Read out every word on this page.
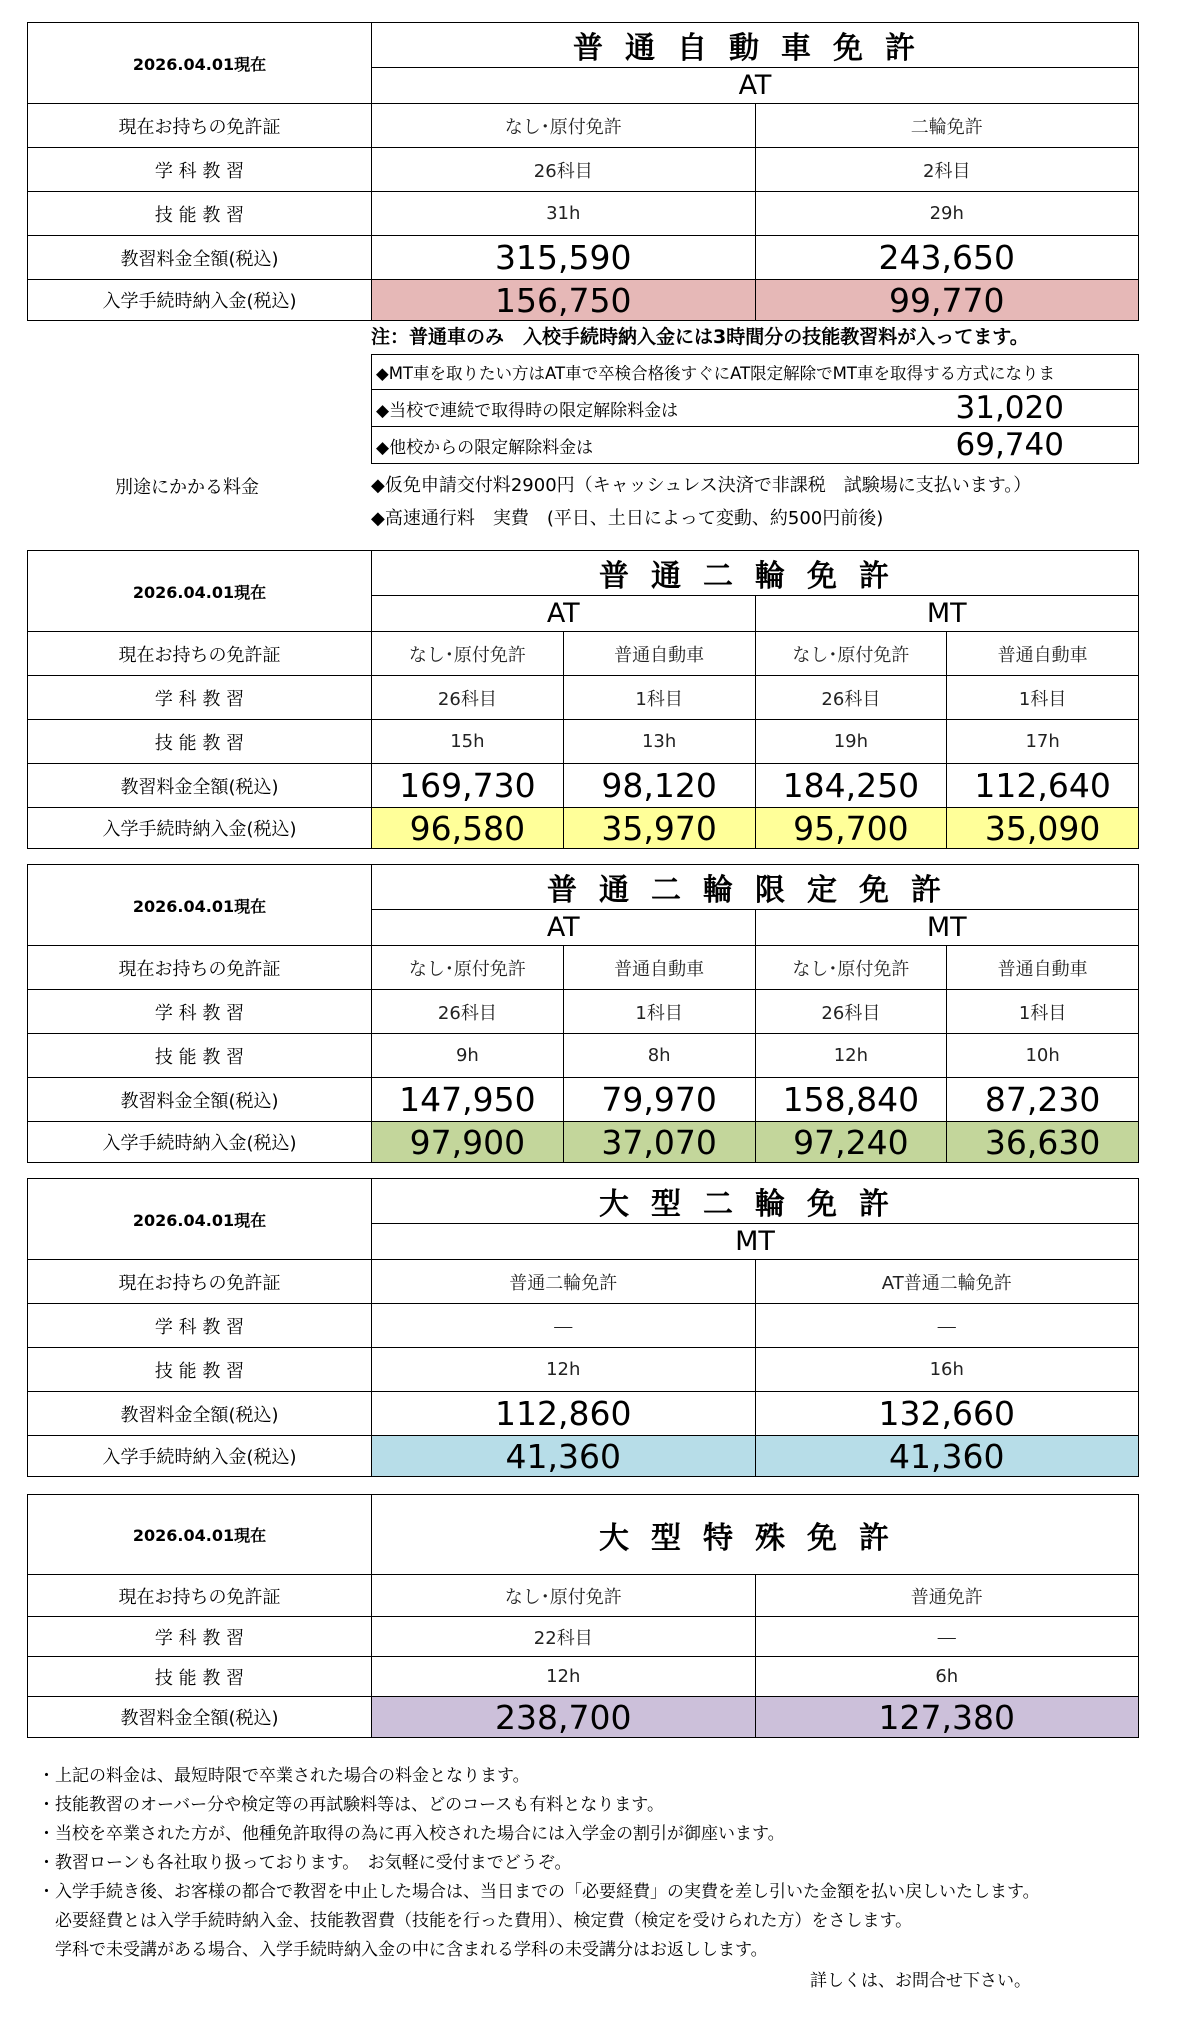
2026.04.01現在	普通自動車免許	
	AT	
現在お持ちの免許証	なし･原付免許	二輪免許
学 科 教 習	26科目	2科目
技 能 教 習	31h	29h
教習料金全額(税込)	315,590	243,650
入学手続時納入金(税込)	156,750	99,770
注：普通車のみ　入校手続時納入金には3時間分の技能教習料が入ってます。
◆MT車を取りたい方はAT車で卒検合格後すぐにAT限定解除でMT車を取得する方式になりま	
◆当校で連続で取得時の限定解除料金は	31,020
◆他校からの限定解除料金は	69,740
別途にかかる料金	◆仮免申請交付料2900円（キャッシュレス決済で非課税　試験場に支払います。）
◆高速通行料　実費　(平日、土日によって変動、約500円前後)
2026.04.01現在	普通二輪免許			
	AT		MT	
現在お持ちの免許証	なし･原付免許	普通自動車	なし･原付免許	普通自動車
学 科 教 習	26科目	1科目	26科目	1科目
技 能 教 習	15h	13h	19h	17h
教習料金全額(税込)	169,730	98,120	184,250	112,640
入学手続時納入金(税込)	96,580	35,970	95,700	35,090
2026.04.01現在	普通二輪限定免許			
	AT		MT	
現在お持ちの免許証	なし･原付免許	普通自動車	なし･原付免許	普通自動車
学 科 教 習	26科目	1科目	26科目	1科目
技 能 教 習	9h	8h	12h	10h
教習料金全額(税込)	147,950	79,970	158,840	87,230
入学手続時納入金(税込)	97,900	37,070	97,240	36,630
2026.04.01現在	大型二輪免許	
	MT	
現在お持ちの免許証	普通二輪免許	AT普通二輪免許
学 科 教 習	－	－
技 能 教 習	12h	16h
教習料金全額(税込)	112,860	132,660
入学手続時納入金(税込)	41,360	41,360
2026.04.01現在	大型特殊免許	
現在お持ちの免許証	なし･原付免許	普通免許
学 科 教 習	22科目	－
技 能 教 習	12h	6h
教習料金全額(税込)	238,700	127,380
・上記の料金は、最短時限で卒業された場合の料金となります。
・技能教習のオーバー分や検定等の再試験料等は、どのコースも有料となります。
・当校を卒業された方が、他種免許取得の為に再入校された場合には入学金の割引が御座います。
・教習ローンも各社取り扱っております。　お気軽に受付までどうぞ。
・入学手続き後、お客様の都合で教習を中止した場合は、当日までの「必要経費」の実費を差し引いた金額を払い戻しいたします。
　必要経費とは入学手続時納入金、技能教習費（技能を行った費用）、検定費（検定を受けられた方）をさします。
　学科で未受講がある場合、入学手続時納入金の中に含まれる学科の未受講分はお返しします。
詳しくは、お問合せ下さい。
